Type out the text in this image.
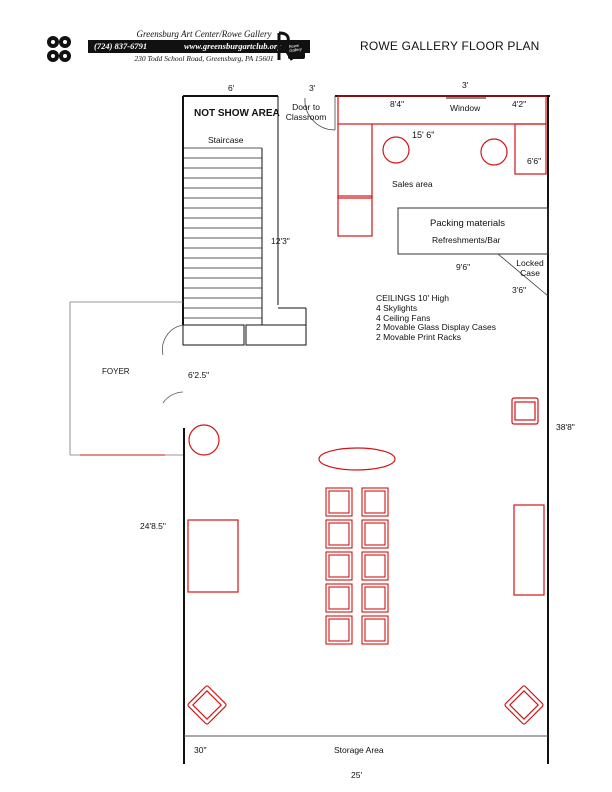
Greensburg Art Center/Rowe Gallery
(724) 837-6791	www.greensburgartclub.org
230 Todd School Road, Greensburg, PA 15601
Rowe Gallery	ROWE GALLERY FLOOR PLAN
NOT SHOW AREA
Staircase
Door to Classroom
Window
Sales area
Packing materials
Refreshments/Bar
Locked Case
FOYER
Storage Area
6'	3'	3'
8'4"	4'2"
15' 6"
6'6"
12'3"
9'6"
3'6"
6'2.5"
38'8"
24'8.5"
30"
25'
CEILINGS 10' High
4 Skylights
4 Ceiling Fans
2 Movable Glass Display Cases
2 Movable Print Racks
